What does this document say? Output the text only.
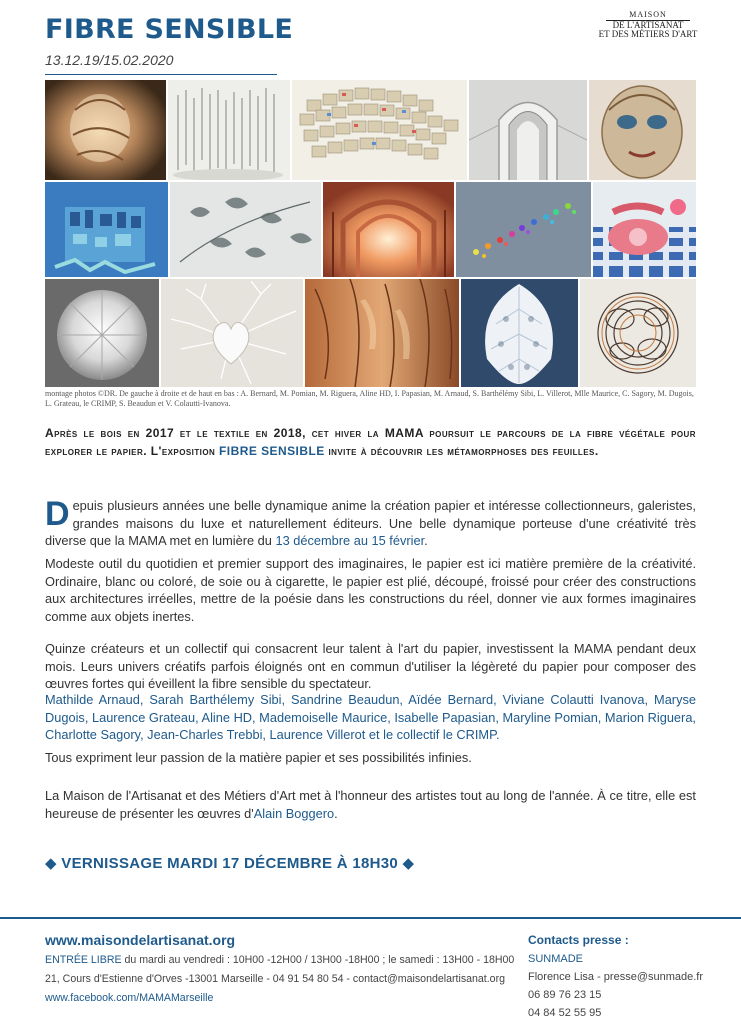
FIBRE SENSIBLE
13.12.19/15.02.2020
MAISON
DE L'ARTISANAT
ET DES MÉTIERS D'ART
montage photos ©DR. De gauche à droite et de haut en bas : A. Bernard, M. Pomian, M. Riguera, Aline HD, I. Papasian, M. Arnaud, S. Barthélémy Sibi, L. Villerot, Mlle Maurice, C. Sagory, M. Dugois, L. Grateau, le CRIMP, S. Beaudun et V. Colautti-Ivanova.
Après le bois en 2017 et le textile en 2018, cet hiver la MAMA poursuit le parcours de la fibre végétale pour explorer le papier. L'exposition FIBRE SENSIBLE invite à découvrir les métamorphoses des feuilles.

Depuis plusieurs années une belle dynamique anime la création papier et intéresse collectionneurs, galeristes, grandes maisons du luxe et naturellement éditeurs. Une belle dynamique porteuse d'une créativité très diverse que la MAMA met en lumière du 13 décembre au 15 février.

Modeste outil du quotidien et premier support des imaginaires, le papier est ici matière première de la créativité. Ordinaire, blanc ou coloré, de soie ou à cigarette, le papier est plié, découpé, froissé pour créer des constructions aux architectures irréelles, mettre de la poésie dans les constructions du réel, donner vie aux formes imaginaires comme aux objets inertes.

Quinze créateurs et un collectif qui consacrent leur talent à l'art du papier, investissent la MAMA pendant deux mois. Leurs univers créatifs parfois éloignés ont en commun d'utiliser la légèreté du papier pour composer des œuvres fortes qui éveillent la fibre sensible du spectateur.

Mathilde Arnaud, Sarah Barthélemy Sibi, Sandrine Beaudun, Aïdée Bernard, Viviane Colautti Ivanova, Maryse Dugois, Laurence Grateau, Aline HD, Mademoiselle Maurice, Isabelle Papasian, Maryline Pomian, Marion Riguera, Charlotte Sagory, Jean-Charles Trebbi, Laurence Villerot et le collectif le CRIMP.

Tous expriment leur passion de la matière papier et ses possibilités infinies.

La Maison de l'Artisanat et des Métiers d'Art met à l'honneur des artistes tout au long de l'année. À ce titre, elle est heureuse de présenter les œuvres d'Alain Boggero.

◆ VERNISSAGE MARDI 17 DÉCEMBRE À 18H30 ◆
www.maisondelartisanat.org
ENTRÉE LIBRE du mardi au vendredi : 10H00 -12H00 / 13H00 -18H00 ; le samedi : 13H00 - 18H00
21, Cours d'Estienne d'Orves -13001 Marseille - 04 91 54 80 54 - contact@maisondelartisanat.org
www.facebook.com/MAMAMarseille
Contacts presse :
SUNMADE
Florence Lisa - presse@sunmade.fr
06 89 76 23 15
04 84 52 55 95
